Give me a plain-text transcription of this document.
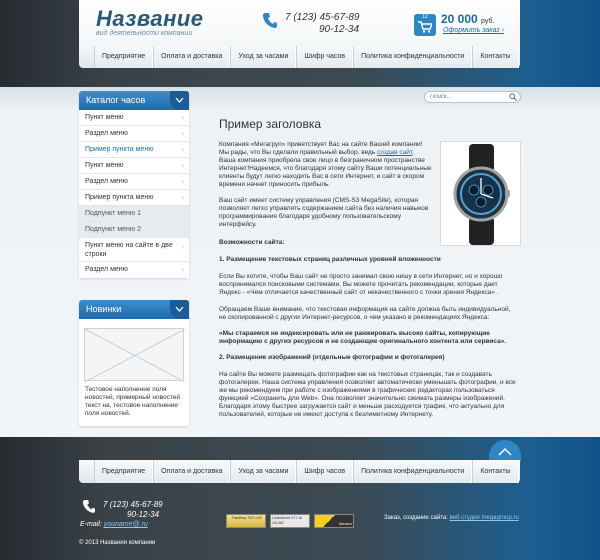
Название
вид деятельности компании
7 (123) 45-67-89
90-12-34
12	20 000 руб.
Оформить заказ ›
Предприятие	Оплата и доставка	Уход за часами	Шифр часов	Политика конфиденциальности	Контакты
Поиск...
Каталог часов
Пункт меню	›
Раздел меню	›
Пример пункта меню	›
Пункт меню	›
Раздел меню	›
Пример пункта меню	›
Подпункт меню 1
Подпункт меню 2
Пункт меню на сайте в две строки
›
Раздел меню	›
Новинки
Тестовое наполнение поля новостей, примерный новостей текст на, тестовое наполнение поля новостей.
Пример заголовка
Компания «Мегагруп» приветствует Вас на сайте Вашей компании! Мы рады, что Вы сделали правильный выбор, ведь создав сайт, Ваша компания приобрела свое лицо в безграничном пространстве Интернет!Надеемся, что благодаря этому сайту Ваши потенциальные клиенты будут легко находить Вас в сети Интернет, и сайт в скором времени начнет приносить прибыль.
Ваш сайт имеет систему управления (CMS-S3 MegaSite), которая позволяет легко управлять содержанием сайта без наличия навыков программирования благодаря удобному пользовательскому интерфейсу.
Возможности сайта:
1. Размещение текстовых страниц различных уровней вложенности
Если Вы хотите, чтобы Ваш сайт не просто занимал свою нишу в сети Интернет, но и хорошо воспринимался поисковыми системами, Вы можете прочитать рекомендации, которые дает Яндекс - «Чем отличается качественный сайт от некачественного с точки зрения Яндекса» .
Обращаем Ваше внимание, что текстовая информация на сайте должна быть индивидуальной, не скопированной с других Интернет-ресурсов, о чем указано в рекомендациях Яндекса:
«Мы стараемся не индексировать или не ранжировать высоко сайты, копирующие информацию с других ресурсов и не создающие оригинального контента или сервиса».
2. Размещение изображений (отдельные фотографии и фотогалерея)
На сайте Вы можете размещать фотографии как на текстовых страницах, так и создавать фотогалереи. Наша система управления позволяет автоматически уменьшать фотографии, и все же мы рекомендуем при работе с изображениями в графических редакторах пользоваться функцией «Сохранить для Web». Она позволяет значительно сжимать размеры изображений. Благодаря этому быстрее загружается сайт и меньше расходуется трафик, что актуально для пользователей, которые не имеют доступа к безлимитному Интернету.
Предприятие	Оплата и доставка	Уход за часами	Шифр часов	Политика конфиденциальности	Контакты
7 (123) 45-67-89
90-12-34
E-mail: youname@.ru
Рамблер ТОП-100	LiveInternet 471 16 101462	Каталог
Заказ, создание сайта: веб студия megagroup.ru
© 2013 Названии компании
